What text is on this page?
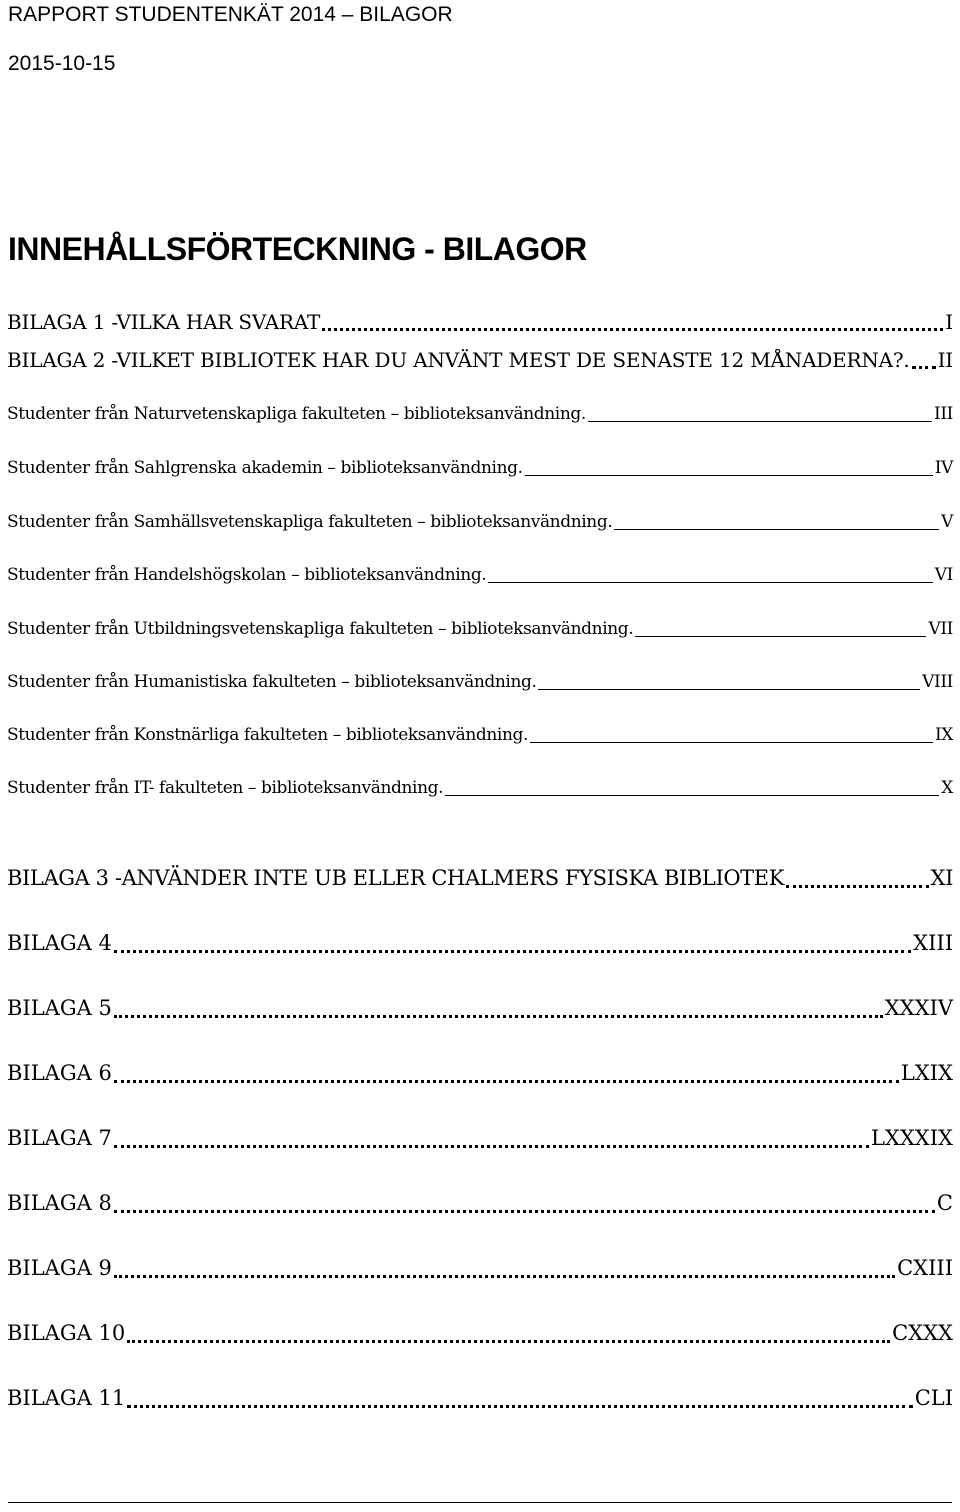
RAPPORT STUDENTENKÄT 2014 – BILAGOR
2015-10-15
INNEHÅLLSFÖRTECKNING - BILAGOR
BILAGA 1 -VILKA HAR SVARAT	I
BILAGA 2 -VILKET BIBLIOTEK HAR DU ANVÄNT MEST DE SENASTE 12 MÅNADERNA?. II
Studenter från Naturvetenskapliga fakulteten – biblioteksanvändning.	III
Studenter från Sahlgrenska akademin – biblioteksanvändning.	IV
Studenter från Samhällsvetenskapliga fakulteten – biblioteksanvändning.	V
Studenter från Handelshögskolan – biblioteksanvändning.	VI
Studenter från Utbildningsvetenskapliga fakulteten – biblioteksanvändning.	VII
Studenter från Humanistiska fakulteten – biblioteksanvändning.	VIII
Studenter från Konstnärliga fakulteten – biblioteksanvändning.	IX
Studenter från IT- fakulteten – biblioteksanvändning.	X
BILAGA 3 -ANVÄNDER INTE UB ELLER CHALMERS FYSISKA BIBLIOTEK	XI
BILAGA 4	XIII
BILAGA 5	XXXIV
BILAGA 6	LXIX
BILAGA 7	LXXXIX
BILAGA 8	C
BILAGA 9	CXIII
BILAGA 10	CXXX
BILAGA 11	CLI
